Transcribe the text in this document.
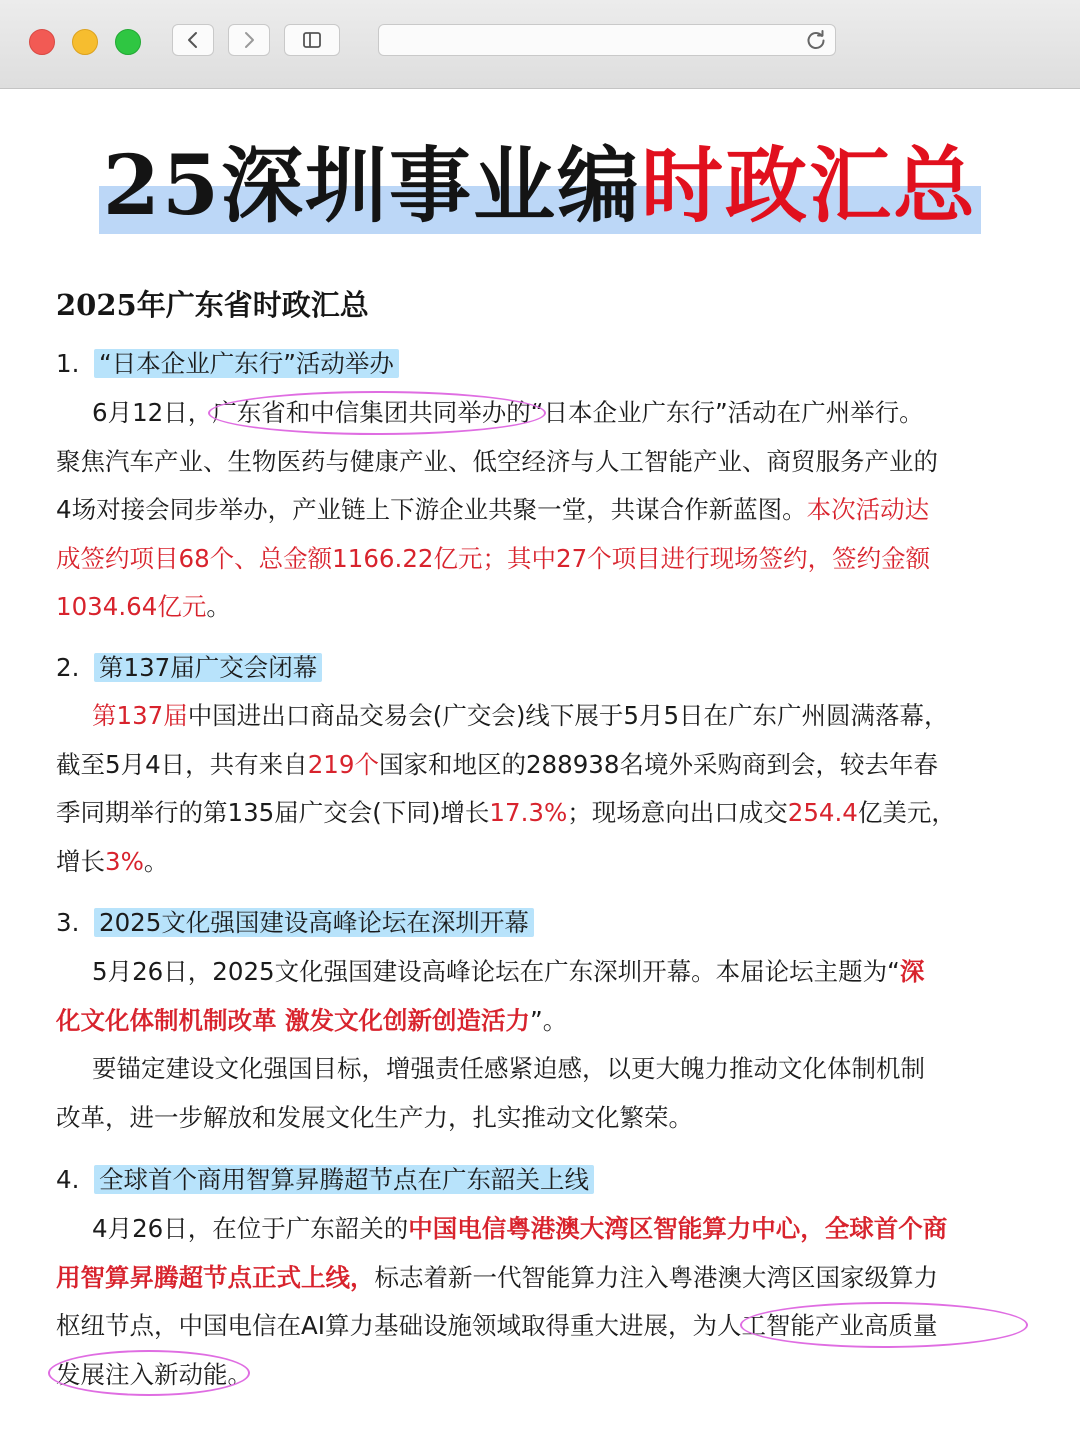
25深圳事业编时政汇总
2025年广东省时政汇总
1. “日本企业广东行”活动举办
6月12日，广东省和中信集团共同举办的“日本企业广东行”活动在广州举行。
聚焦汽车产业、生物医药与健康产业、低空经济与人工智能产业、商贸服务产业的
4场对接会同步举办，产业链上下游企业共聚一堂，共谋合作新蓝图。本次活动达
成签约项目68个、总金额1166.22亿元；其中27个项目进行现场签约，签约金额
1034.64亿元。
2. 第137届广交会闭幕
第137届中国进出口商品交易会(广交会)线下展于5月5日在广东广州圆满落幕，
截至5月4日，共有来自219个国家和地区的288938名境外采购商到会，较去年春
季同期举行的第135届广交会(下同)增长17.3%；现场意向出口成交254.4亿美元，
增长3%。
3. 2025文化强国建设高峰论坛在深圳开幕
5月26日，2025文化强国建设高峰论坛在广东深圳开幕。本届论坛主题为“深
化文化体制机制改革 激发文化创新创造活力”。
要锚定建设文化强国目标，增强责任感紧迫感，以更大魄力推动文化体制机制
改革，进一步解放和发展文化生产力，扎实推动文化繁荣。
4. 全球首个商用智算昇腾超节点在广东韶关上线
4月26日，在位于广东韶关的中国电信粤港澳大湾区智能算力中心，全球首个商
用智算昇腾超节点正式上线，标志着新一代智能算力注入粤港澳大湾区国家级算力
枢纽节点，中国电信在AI算力基础设施领域取得重大进展，为人工智能产业高质量
发展注入新动能。
